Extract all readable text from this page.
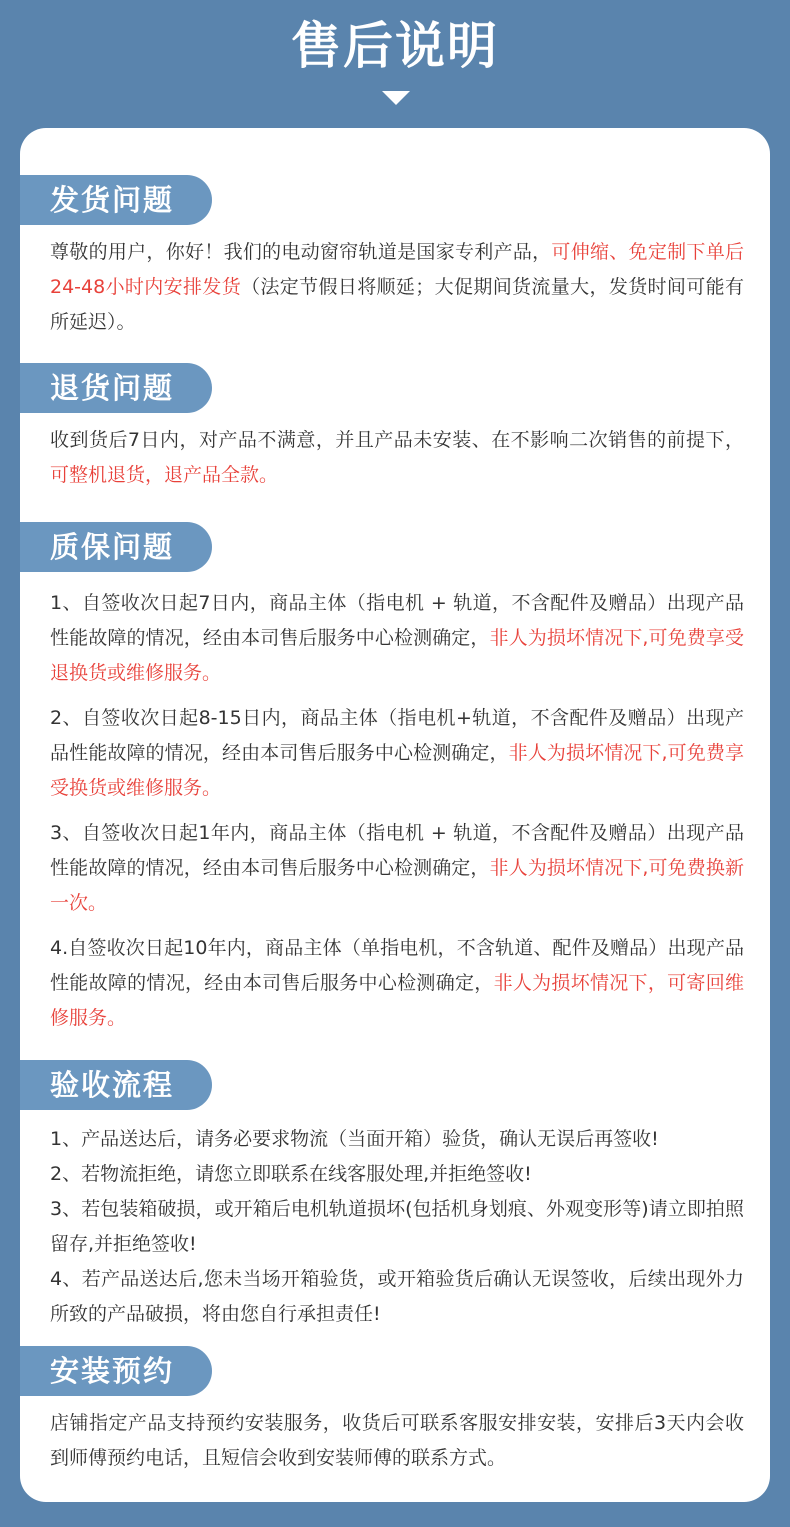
售后说明
发货问题
尊敬的用户，你好！我们的电动窗帘轨道是国家专利产品，可伸缩、免定制下单后24-48小时内安排发货（法定节假日将顺延；大促期间货流量大，发货时间可能有所延迟）。
退货问题
收到货后7日内，对产品不满意，并且产品未安装、在不影响二次销售的前提下，可整机退货，退产品全款。
质保问题
1、自签收次日起7日内，商品主体（指电机 + 轨道，不含配件及赠品）出现产品性能故障的情况，经由本司售后服务中心检测确定，非人为损坏情况下,可免费享受退换货或维修服务。
2、自签收次日起8-15日内，商品主体（指电机+轨道，不含配件及赠品）出现产品性能故障的情况，经由本司售后服务中心检测确定，非人为损坏情况下,可免费享受换货或维修服务。
3、自签收次日起1年内，商品主体（指电机 + 轨道，不含配件及赠品）出现产品性能故障的情况，经由本司售后服务中心检测确定，非人为损坏情况下,可免费换新一次。
4.自签收次日起10年内，商品主体（单指电机，不含轨道、配件及赠品）出现产品性能故障的情况，经由本司售后服务中心检测确定，非人为损坏情况下，可寄回维修服务。
验收流程
1、产品送达后，请务必要求物流（当面开箱）验货，确认无误后再签收!
2、若物流拒绝，请您立即联系在线客服处理,并拒绝签收!
3、若包装箱破损，或开箱后电机轨道损坏(包括机身划痕、外观变形等)请立即拍照留存,并拒绝签收!
4、若产品送达后,您未当场开箱验货，或开箱验货后确认无误签收，后续出现外力所致的产品破损，将由您自行承担责任!
安装预约
店铺指定产品支持预约安装服务，收货后可联系客服安排安装，安排后3天内会收到师傅预约电话，且短信会收到安装师傅的联系方式。
